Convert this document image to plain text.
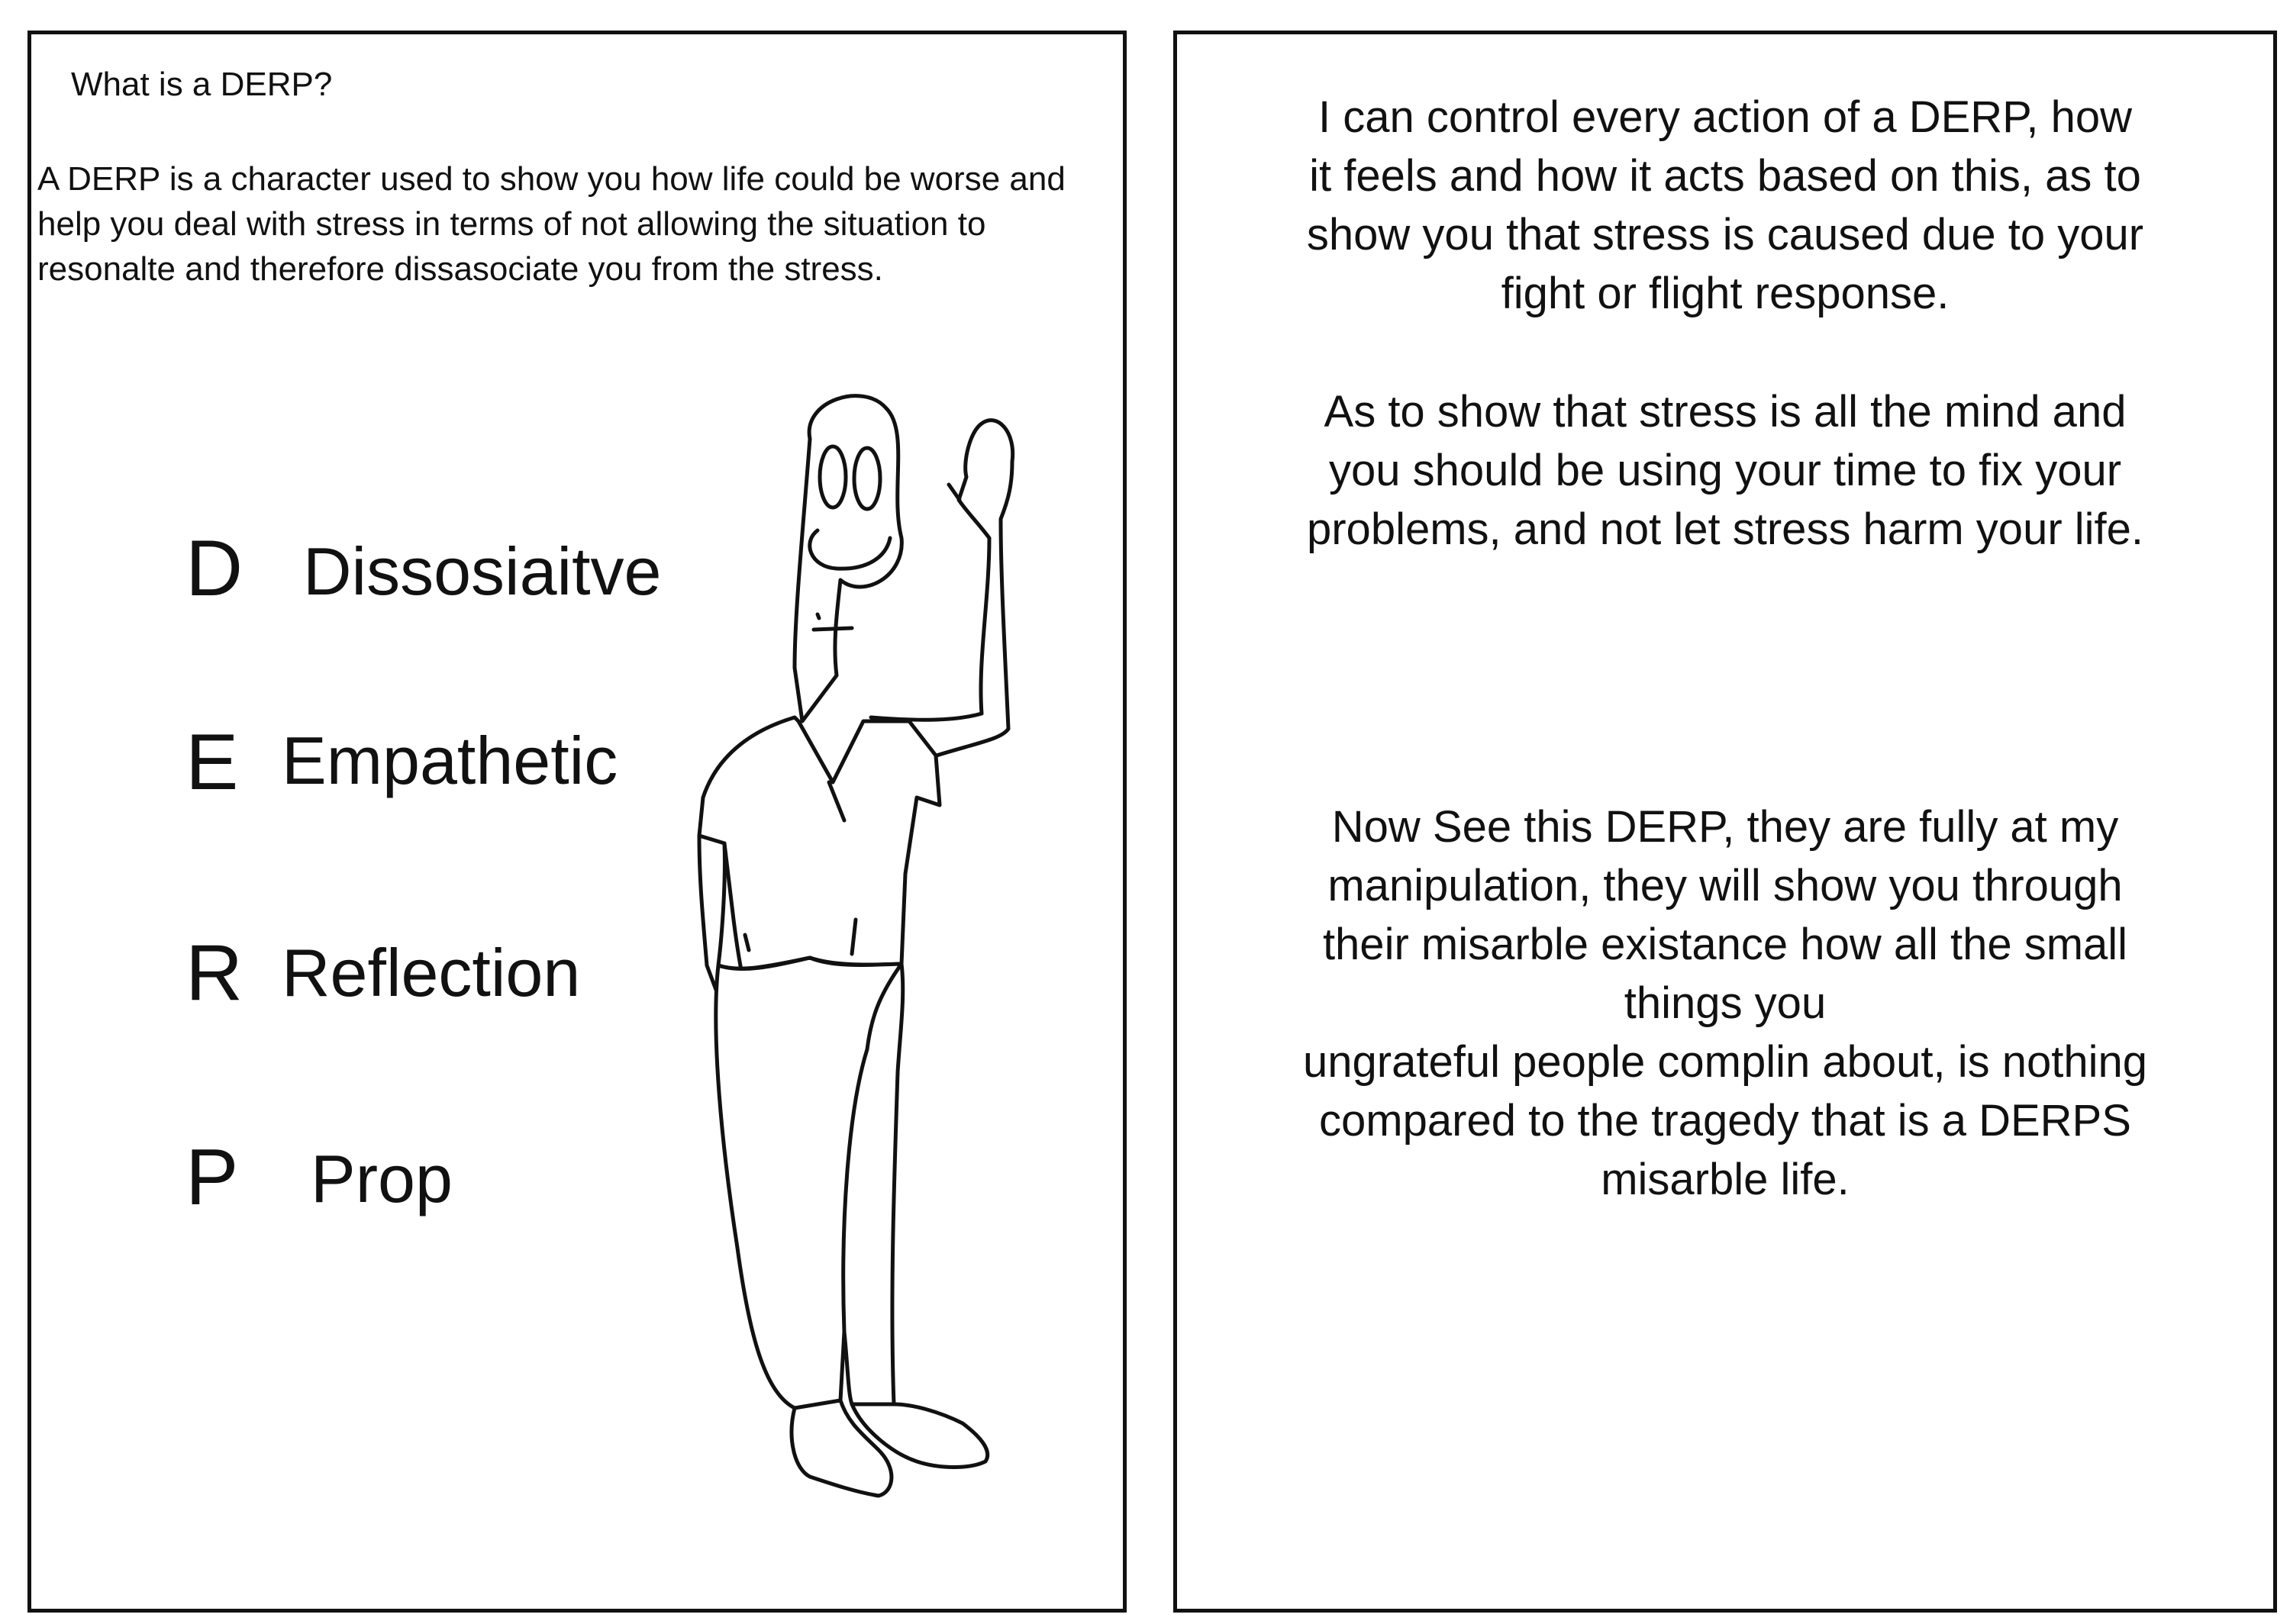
What is a DERP?

A DERP is a character used to show you how life could be worse and help you deal with stress in terms of not allowing the situation to resonalte and therefore dissasociate you from the stress.

D Dissosiaitve
E Empathetic
R Reflection
P Prop

I can control every action of a DERP, how
it feels and how it acts based on this, as to
show you that stress is caused due to your
fight or flight response.

As to show that stress is all the mind and
you should be using your time to fix your
problems, and not let stress harm your life.

Now See this DERP, they are fully at my
manipulation, they will show you through
their misarble existance how all the small
things you
ungrateful people complin about, is nothing
compared to the tragedy that is a DERPS
misarble life.
